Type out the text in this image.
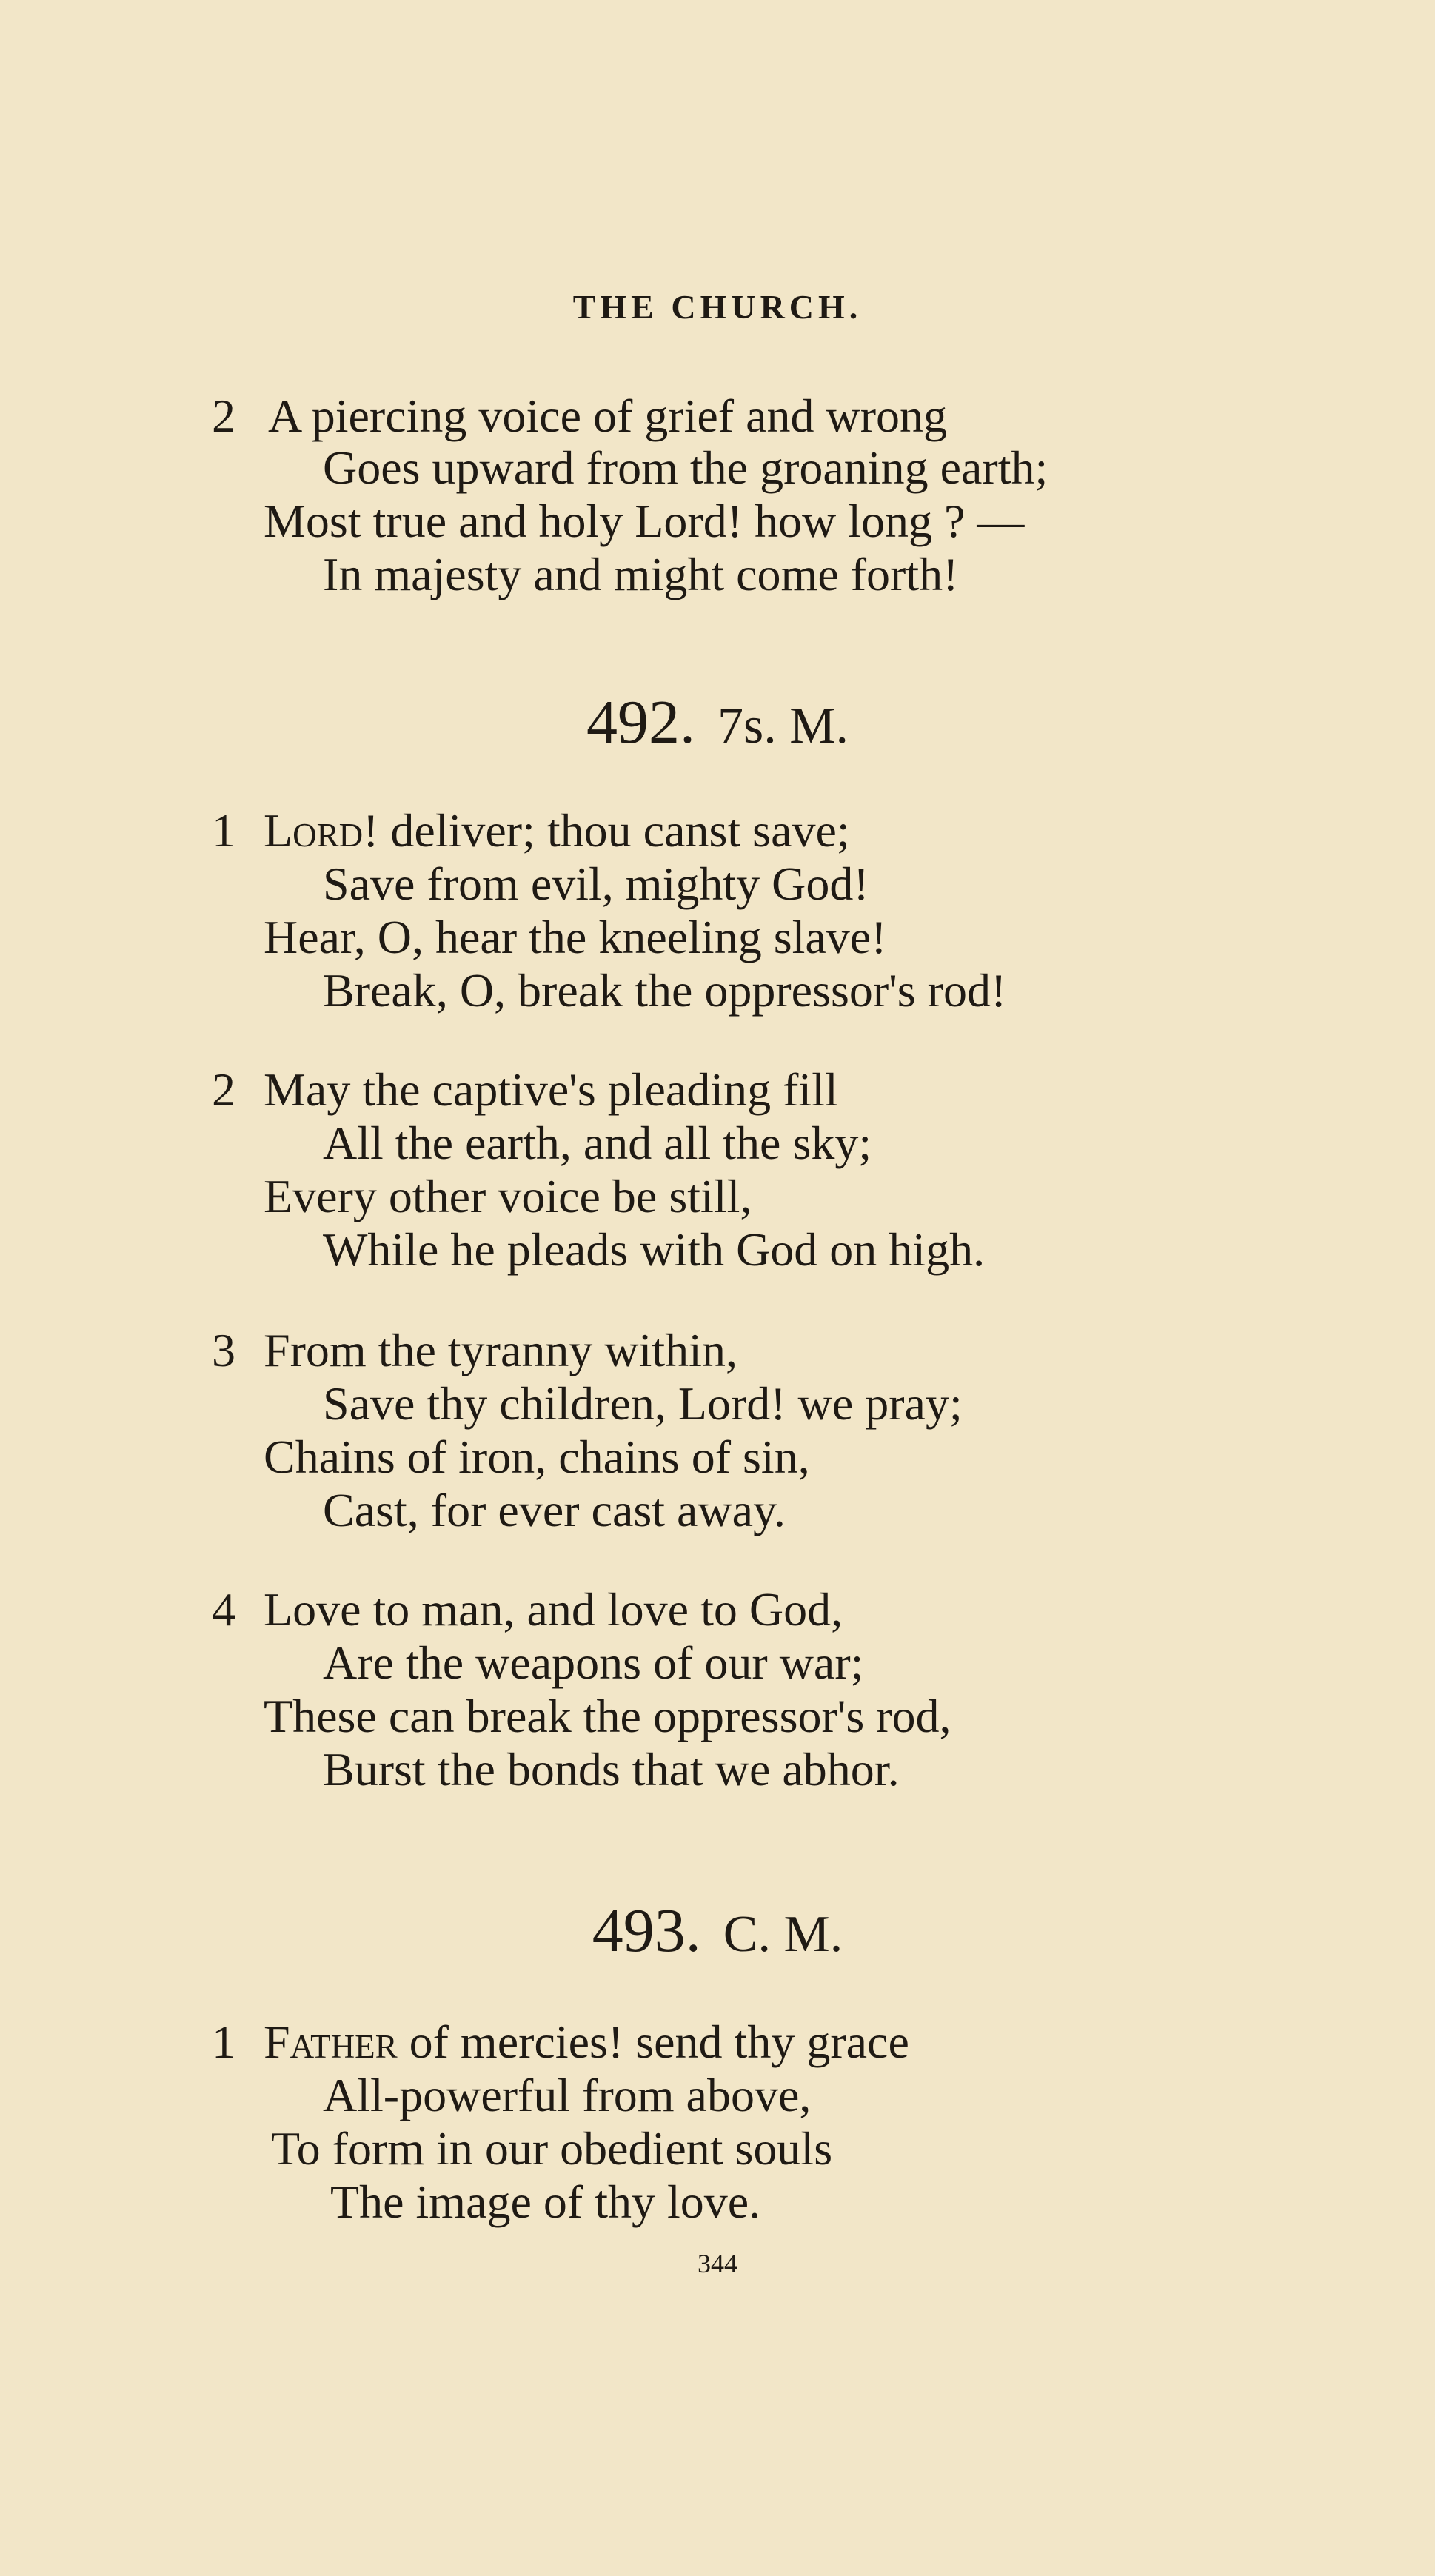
THE CHURCH.
2 A piercing voice of grief and wrong
Goes upward from the groaning earth;
Most true and holy Lord! how long ? —
In majesty and might come forth!
492. 7s. M.
1 Lord! deliver; thou canst save;
Save from evil, mighty God!
Hear, O, hear the kneeling slave!
Break, O, break the oppressor's rod!
2 May the captive's pleading fill
All the earth, and all the sky;
Every other voice be still,
While he pleads with God on high.
3 From the tyranny within,
Save thy children, Lord! we pray;
Chains of iron, chains of sin,
Cast, for ever cast away.
4 Love to man, and love to God,
Are the weapons of our war;
These can break the oppressor's rod,
Burst the bonds that we abhor.
493. C. M.
1 Father of mercies! send thy grace
All-powerful from above,
To form in our obedient souls
The image of thy love.
344
